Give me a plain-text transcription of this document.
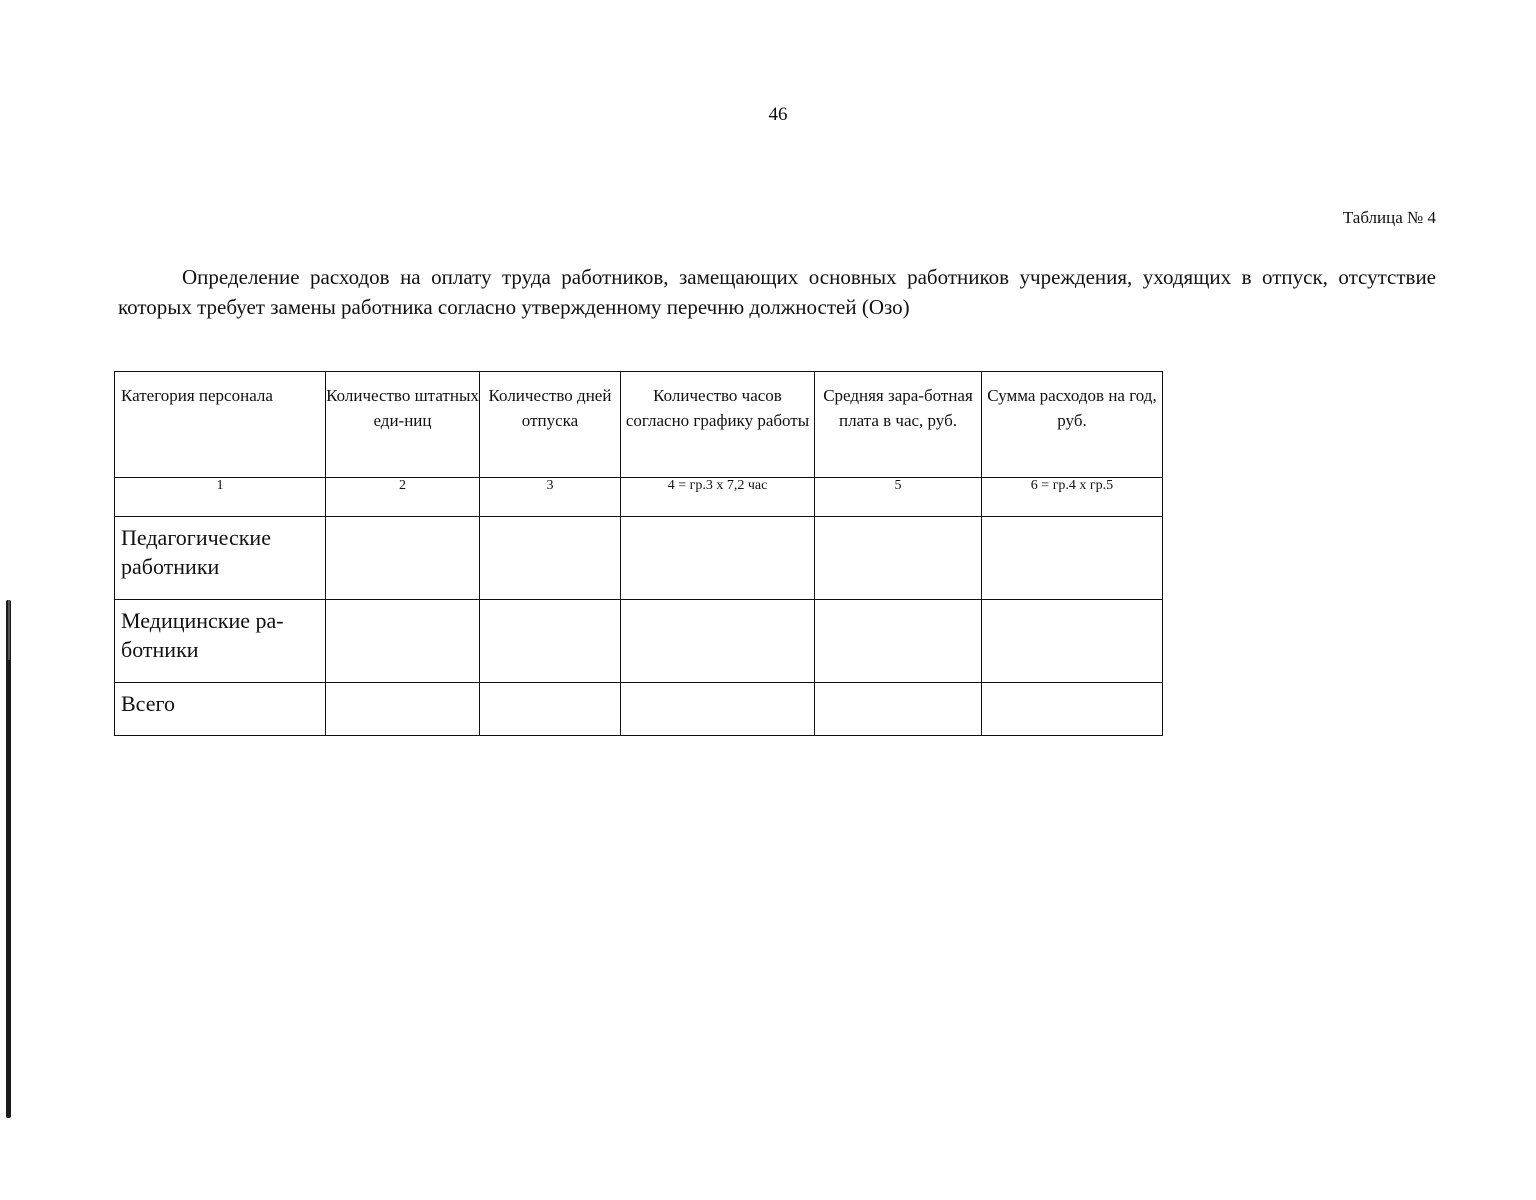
46
Таблица № 4
Определение расходов на оплату труда работников, замещающих основных работников учреждения, уходящих в отпуск, отсутствие которых требует замены работника согласно утвержденному перечню должностей (Озо)
Категория персонала	Количество штатных еди-ниц	Количество дней отпуска	Количество часов согласно графику работы	Средняя зара-ботная плата в час, руб.	Сумма расходов на год, руб.
1	2	3	4 = гр.3 х 7,2 час	5	6 = гр.4 х гр.5
Педагогические работники					
Медицинские ра-ботники					
Всего					
